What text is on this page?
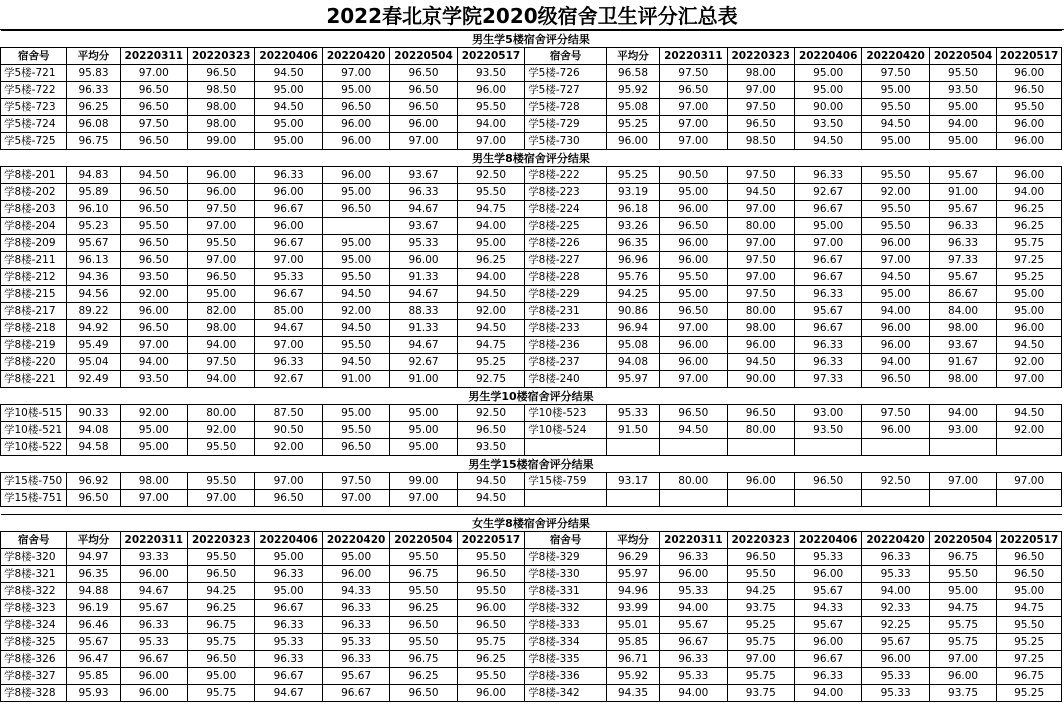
2022春北京学院2020级宿舍卫生评分汇总表
男生学5楼宿舍评分结果															
宿舍号	平均分	20220311	20220323	20220406	20220420	20220504	20220517	宿舍号	平均分	20220311	20220323	20220406	20220420	20220504	20220517
学5楼-721	95.83	97.00	96.50	94.50	97.00	96.50	93.50	学5楼-726	96.58	97.50	98.00	95.00	97.50	95.50	96.00
学5楼-722	96.33	96.50	98.50	95.00	95.00	96.50	96.00	学5楼-727	95.92	96.50	97.00	95.00	95.00	93.50	96.50
学5楼-723	96.25	96.50	98.00	94.50	96.50	96.50	95.50	学5楼-728	95.08	97.00	97.50	90.00	95.50	95.00	95.50
学5楼-724	96.08	97.50	98.00	95.00	96.00	96.00	94.00	学5楼-729	95.25	97.00	96.50	93.50	94.50	94.00	96.00
学5楼-725	96.75	96.50	99.00	95.00	96.00	97.00	97.00	学5楼-730	96.00	97.00	98.50	94.50	95.00	95.00	96.00
男生学8楼宿舍评分结果															
学8楼-201	94.83	94.50	96.00	96.33	96.00	93.67	92.50	学8楼-222	95.25	90.50	97.50	96.33	95.50	95.67	96.00
学8楼-202	95.89	96.50	96.00	96.00	95.00	96.33	95.50	学8楼-223	93.19	95.00	94.50	92.67	92.00	91.00	94.00
学8楼-203	96.10	96.50	97.50	96.67	96.50	94.67	94.75	学8楼-224	96.18	96.00	97.00	96.67	95.50	95.67	96.25
学8楼-204	95.23	95.50	97.00	96.00		93.67	94.00	学8楼-225	93.26	96.50	80.00	95.00	95.50	96.33	96.25
学8楼-209	95.67	96.50	95.50	96.67	95.00	95.33	95.00	学8楼-226	96.35	96.00	97.00	97.00	96.00	96.33	95.75
学8楼-211	96.13	96.50	97.00	97.00	95.00	96.00	96.25	学8楼-227	96.96	96.00	97.50	96.67	97.00	97.33	97.25
学8楼-212	94.36	93.50	96.50	95.33	95.50	91.33	94.00	学8楼-228	95.76	95.50	97.00	96.67	94.50	95.67	95.25
学8楼-215	94.56	92.00	95.00	96.67	94.50	94.67	94.50	学8楼-229	94.25	95.00	97.50	96.33	95.00	86.67	95.00
学8楼-217	89.22	96.00	82.00	85.00	92.00	88.33	92.00	学8楼-231	90.86	96.50	80.00	95.67	94.00	84.00	95.00
学8楼-218	94.92	96.50	98.00	94.67	94.50	91.33	94.50	学8楼-233	96.94	97.00	98.00	96.67	96.00	98.00	96.00
学8楼-219	95.49	97.00	94.00	97.00	95.50	94.67	94.75	学8楼-236	95.08	96.00	96.00	96.33	96.00	93.67	94.50
学8楼-220	95.04	94.00	97.50	96.33	94.50	92.67	95.25	学8楼-237	94.08	96.00	94.50	96.33	94.00	91.67	92.00
学8楼-221	92.49	93.50	94.00	92.67	91.00	91.00	92.75	学8楼-240	95.97	97.00	90.00	97.33	96.50	98.00	97.00
男生学10楼宿舍评分结果															
学10楼-515	90.33	92.00	80.00	87.50	95.00	95.00	92.50	学10楼-523	95.33	96.50	96.50	93.00	97.50	94.00	94.50
学10楼-521	94.08	95.00	92.00	90.50	95.50	95.00	96.50	学10楼-524	91.50	94.50	80.00	93.50	96.00	93.00	92.00
学10楼-522	94.58	95.00	95.50	92.00	96.50	95.00	93.50								
男生学15楼宿舍评分结果															
学15楼-750	96.92	98.00	95.50	97.00	97.50	99.00	94.50	学15楼-759	93.17	80.00	96.00	96.50	92.50	97.00	97.00
学15楼-751	96.50	97.00	97.00	96.50	97.00	97.00	94.50								

女生学8楼宿舍评分结果															
宿舍号	平均分	20220311	20220323	20220406	20220420	20220504	20220517	宿舍号	平均分	20220311	20220323	20220406	20220420	20220504	20220517
学8楼-320	94.97	93.33	95.50	95.00	95.00	95.50	95.50	学8楼-329	96.29	96.33	96.50	95.33	96.33	96.75	96.50
学8楼-321	96.35	96.00	96.50	96.33	96.00	96.75	96.50	学8楼-330	95.97	96.00	95.50	96.00	95.33	95.50	96.50
学8楼-322	94.88	94.67	94.25	95.00	94.33	95.50	95.50	学8楼-331	94.96	95.33	94.25	95.67	94.00	95.00	95.00
学8楼-323	96.19	95.67	96.25	96.67	96.33	96.25	96.00	学8楼-332	93.99	94.00	93.75	94.33	92.33	94.75	94.75
学8楼-324	96.46	96.33	96.75	96.33	96.33	96.50	96.50	学8楼-333	95.01	95.67	95.25	95.67	92.25	95.75	95.50
学8楼-325	95.67	95.33	95.75	95.33	95.33	95.50	95.75	学8楼-334	95.85	96.67	95.75	96.00	95.67	95.75	95.25
学8楼-326	96.47	96.67	96.50	96.33	96.33	96.75	96.25	学8楼-335	96.71	96.33	97.00	96.67	96.00	97.00	97.25
学8楼-327	95.85	96.00	95.00	96.67	95.67	96.25	95.50	学8楼-336	95.92	95.33	95.75	96.33	95.33	96.00	96.75
学8楼-328	95.93	96.00	95.75	94.67	96.67	96.50	96.00	学8楼-342	94.35	94.00	93.75	94.00	95.33	93.75	95.25
